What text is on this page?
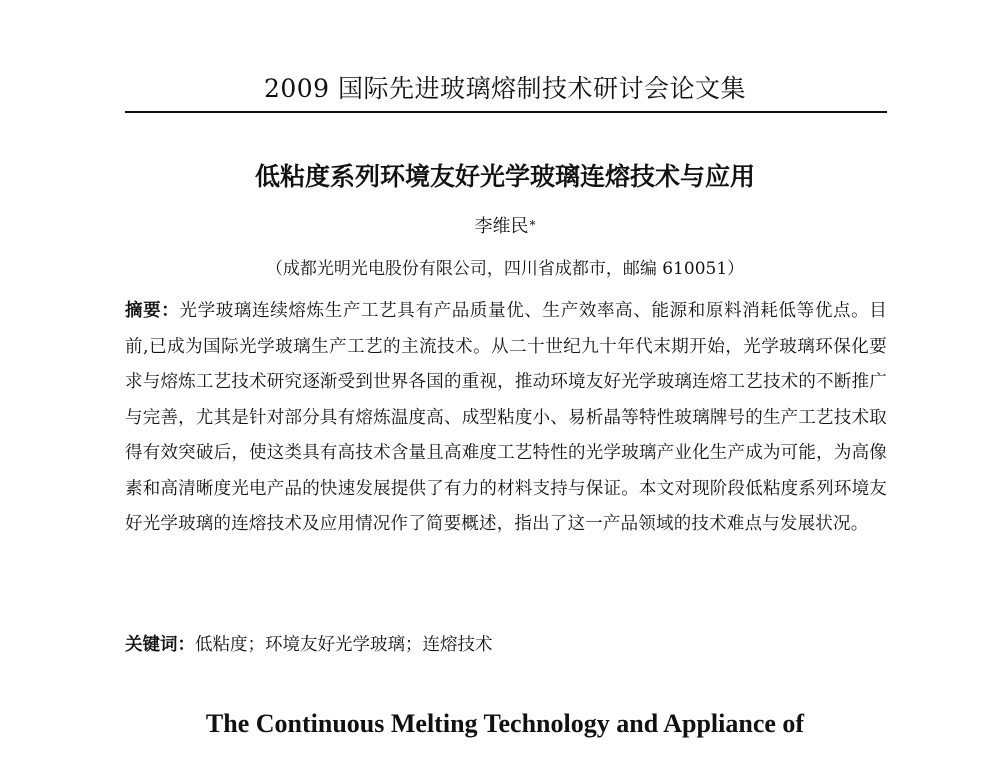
2009 国际先进玻璃熔制技术研讨会论文集
低粘度系列环境友好光学玻璃连熔技术与应用
李维民*
（成都光明光电股份有限公司，四川省成都市，邮编 610051）
摘要：光学玻璃连续熔炼生产工艺具有产品质量优、生产效率高、能源和原料消耗低等优点。目前,已成为国际光学玻璃生产工艺的主流技术。从二十世纪九十年代末期开始，光学玻璃环保化要求与熔炼工艺技术研究逐渐受到世界各国的重视，推动环境友好光学玻璃连熔工艺技术的不断推广与完善，尤其是针对部分具有熔炼温度高、成型粘度小、易析晶等特性玻璃牌号的生产工艺技术取得有效突破后，使这类具有高技术含量且高难度工艺特性的光学玻璃产业化生产成为可能，为高像素和高清晰度光电产品的快速发展提供了有力的材料支持与保证。本文对现阶段低粘度系列环境友好光学玻璃的连熔技术及应用情况作了简要概述，指出了这一产品领域的技术难点与发展状况。
关键词：低粘度；环境友好光学玻璃；连熔技术
The Continuous Melting Technology and Appliance of
